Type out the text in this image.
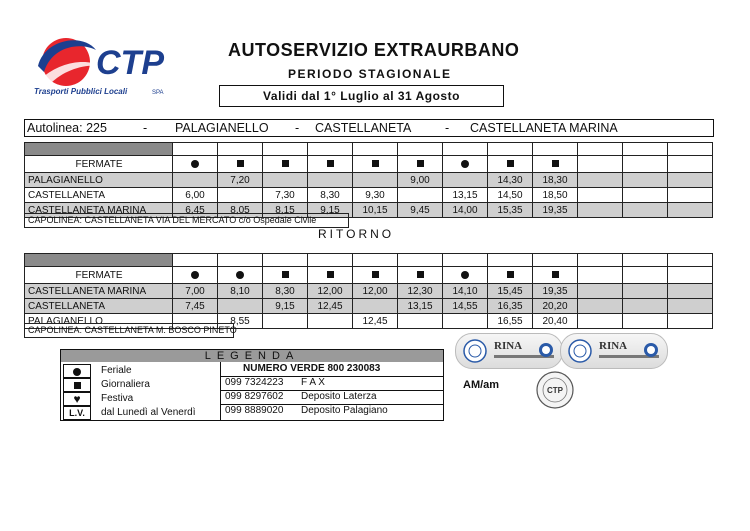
CTP
Trasporti Pubblici Locali	SPA
AUTOSERVIZIO EXTRAURBANO
PERIODO STAGIONALE
Validi dal 1° Luglio al 31 Agosto
Autolinea: 225	- PALAGIANELLO - CASTELLANETA	- CASTELLANETA MARINA

FERMATE												
PALAGIANELLO		7,20				9,00		14,30	18,30			
CASTELLANETA	6,00		7,30	8,30	9,30		13,15	14,50	18,50			
CASTELLANETA MARINA	6,45	8,05	8,15	9,15	10,15	9,45	14,00	15,35	19,35			
CAPOLINEA: CASTELLANETA VIA DEL MERCATO c/o Ospedale Civile
RITORNO

FERMATE												
CASTELLANETA MARINA	7,00	8,10	8,30	12,00	12,00	12,30	14,10	15,45	19,35			
CASTELLANETA	7,45		9,15	12,45		13,15	14,55	16,35	20,20			
PALAGIANELLO		8,55			12,45			16,55	20,40			
CAPOLINEA: CASTELLANETA M. BOSCO PINETO
LEGENDA
Feriale
Giornaliera
♥	Festiva
L.V.	dal Lunedì al Venerdì
NUMERO VERDE 800 230083
099 7324223 F A X
099 8297602 Deposito Laterza
099 8889020 Deposito Palagiano
RINA	RINA
AM/am	CTP
